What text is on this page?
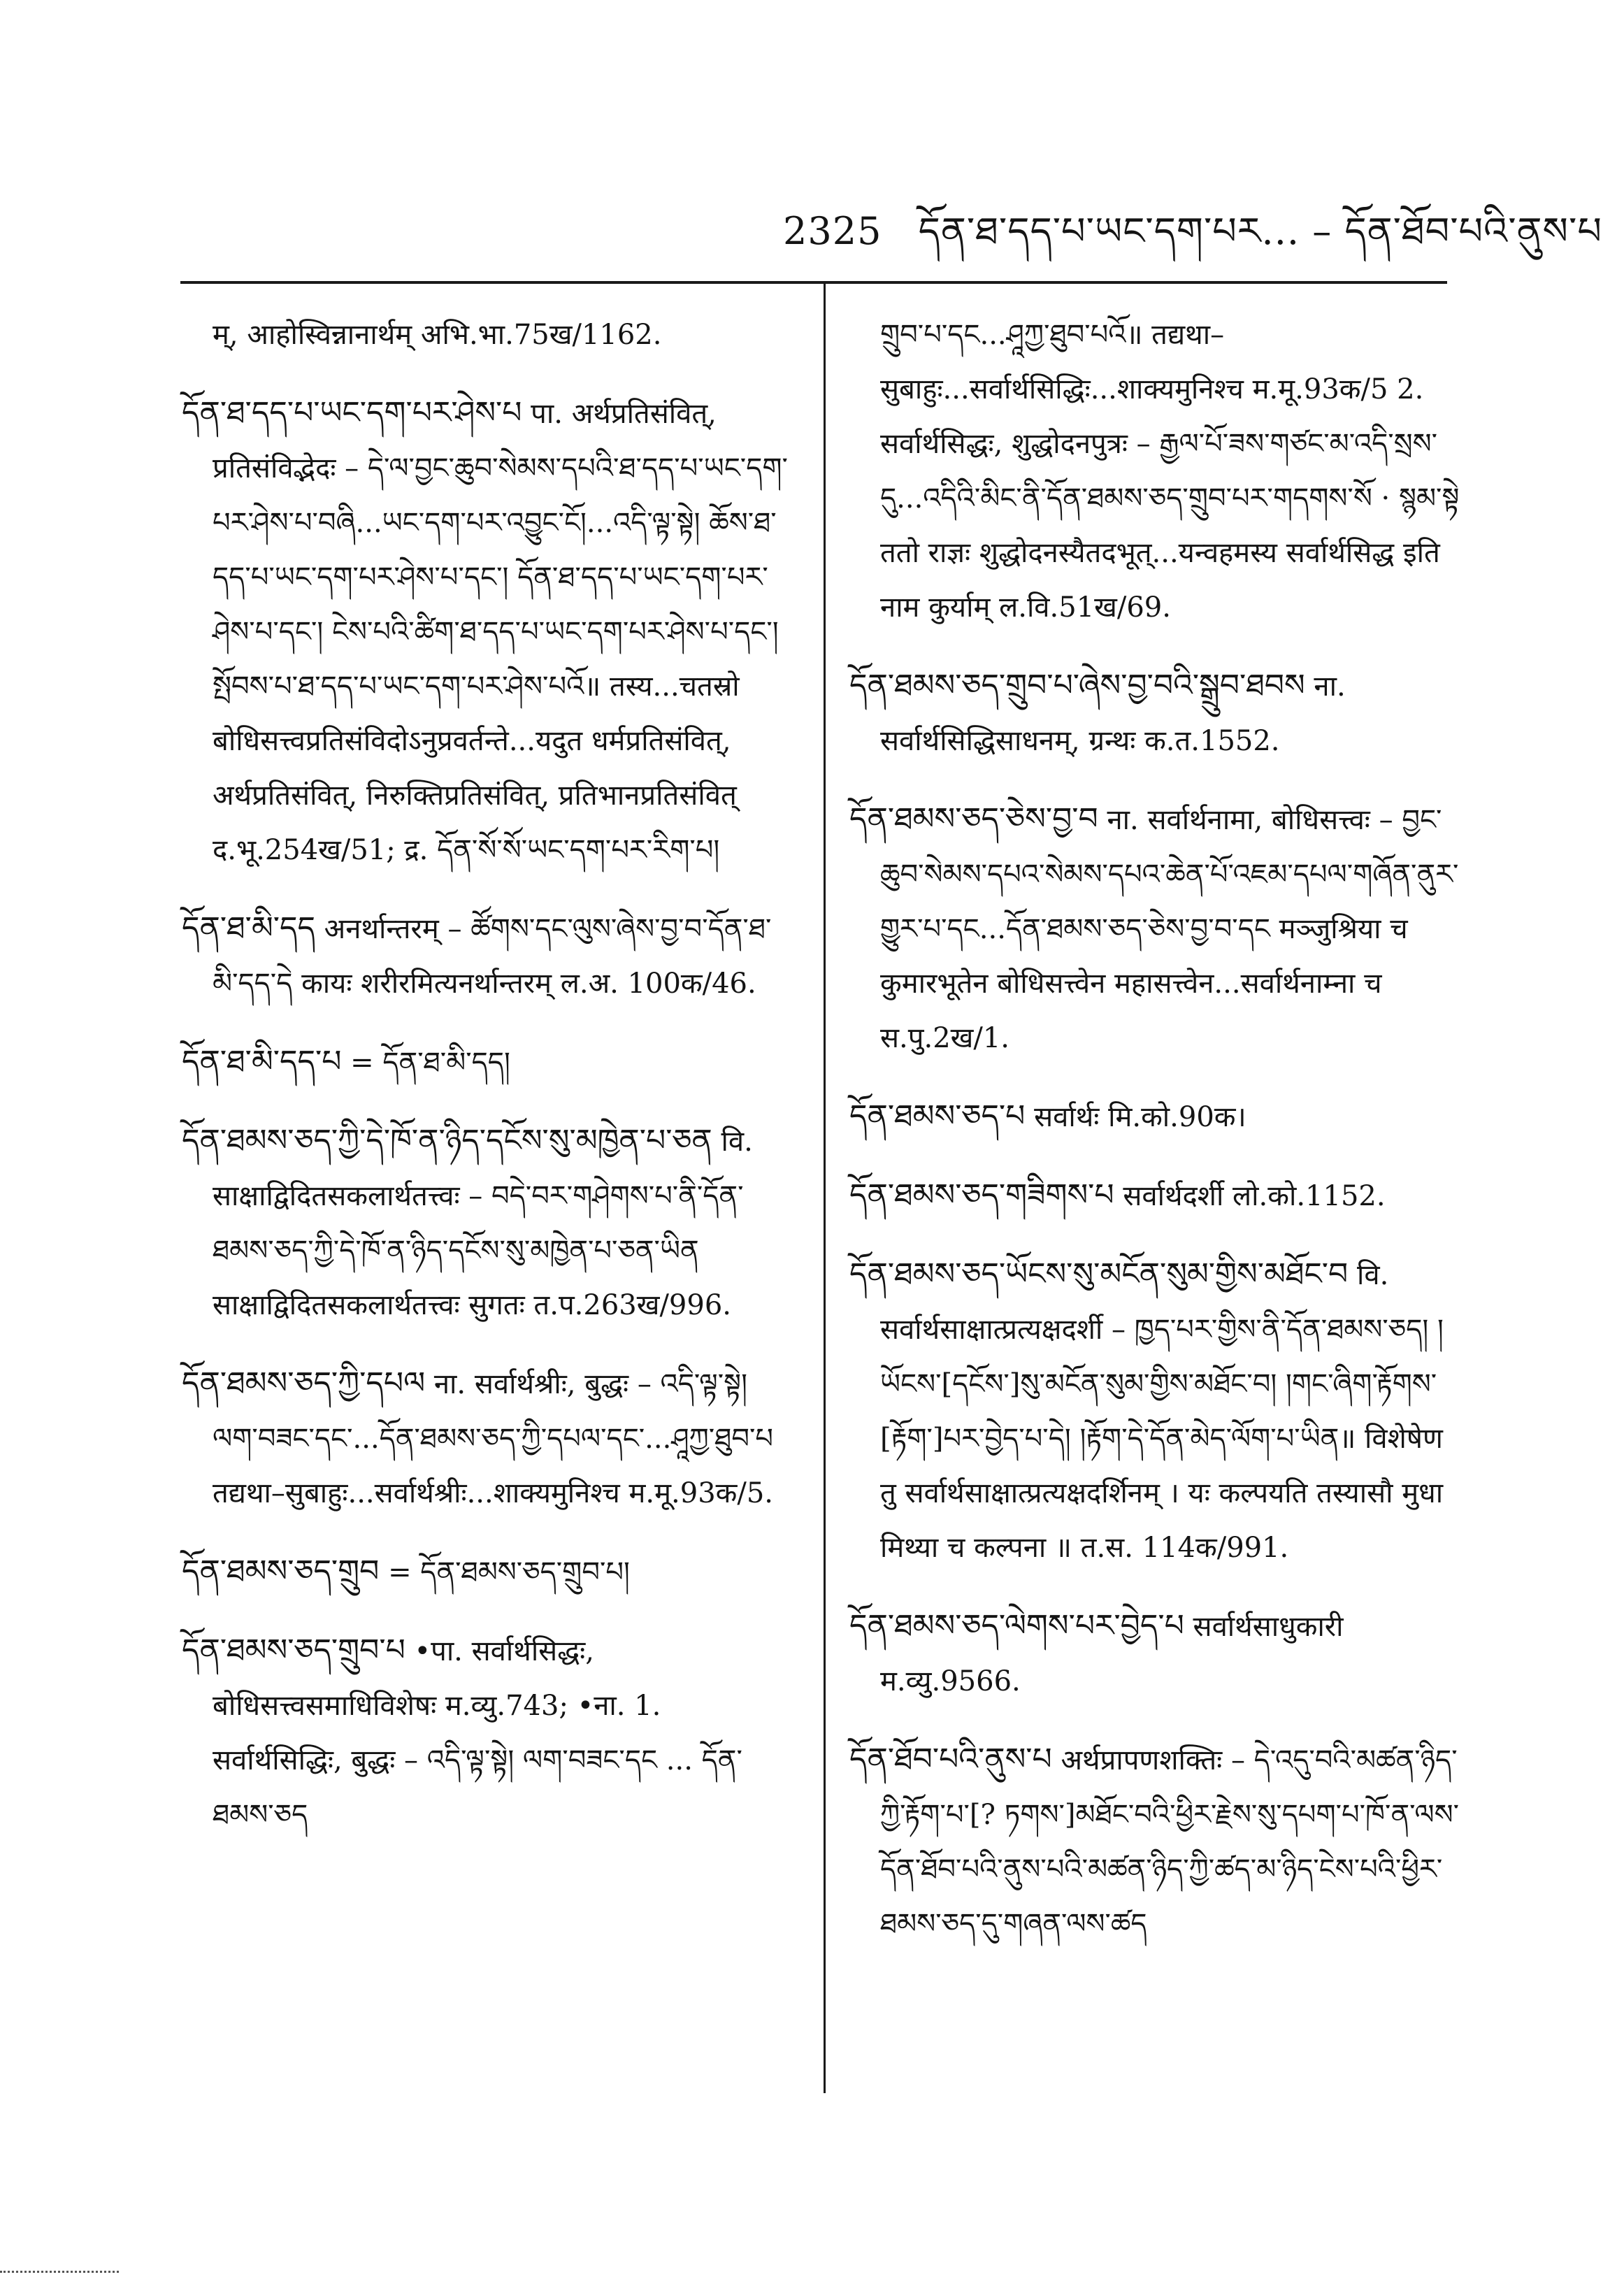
2325 དོན་ཐ་དད་པ་ཡང་དག་པར... – དོན་ཐོབ་པའི་ནུས་པ
म्, आहोस्विन्नानार्थम् अभि.भा.75ख/1162.
དོན་ཐ་དད་པ་ཡང་དག་པར་ཤེས་པ पा. अर्थप्रतिसंवित्, प्रतिसंविद्भेदः – དེ་ལ་བྱང་ཆུབ་སེམས་དཔའི་ཐ་དད་པ་ཡང་དག་པར་ཤེས་པ་བཞི...ཡང་དག་པར་འབྱུང་ངོ།...འདི་ལྟ་སྟེ། ཆོས་ཐ་དད་པ་ཡང་དག་པར་ཤེས་པ་དང་། དོན་ཐ་དད་པ་ཡང་དག་པར་ཤེས་པ་དང་། ངེས་པའི་ཚིག་ཐ་དད་པ་ཡང་དག་པར་ཤེས་པ་དང་། སྤོབས་པ་ཐ་དད་པ་ཡང་དག་པར་ཤེས་པའོ॥ तस्य...चतस्रो बोधिसत्त्वप्रतिसंविदोऽनुप्रवर्तन्ते...यदुत धर्मप्रतिसंवित्, अर्थप्रतिसंवित्, निरुक्तिप्रतिसंवित्, प्रतिभानप्रतिसंवित् द.भू.254ख/51; द्र. དོན་སོ་སོ་ཡང་དག་པར་རིག་པ།
དོན་ཐ་མི་དད अनर्थान्तरम् – ཚོགས་དང་ལུས་ཞེས་བྱ་བ་དོན་ཐ་མི་དད་དེ कायः शरीरमित्यनर्थान्तरम् ल.अ. 100क/46.
དོན་ཐ་མི་དད་པ = དོན་ཐ་མི་དད།
དོན་ཐམས་ཅད་ཀྱི་དེ་ཁོ་ན་ཉིད་དངོས་སུ་མཁྱེན་པ་ཅན वि. साक्षाद्विदितसकलार्थतत्त्वः – བདེ་བར་གཤེགས་པ་ནི་དོན་ཐམས་ཅད་ཀྱི་དེ་ཁོ་ན་ཉིད་དངོས་སུ་མཁྱེན་པ་ཅན་ཡིན साक्षाद्विदितसकलार्थतत्त्वः सुगतः त.प.263ख/996.
དོན་ཐམས་ཅད་ཀྱི་དཔལ ना. सर्वार्थश्रीः, बुद्धः – འདི་ལྟ་སྟེ། ལག་བཟང་དང་...དོན་ཐམས་ཅད་ཀྱི་དཔལ་དང་...ཤཱཀྱ་ཐུབ་པ तद्यथा–सुबाहुः...सर्वार्थश्रीः...शाक्यमुनिश्च म.मू.93क/5.
དོན་ཐམས་ཅད་གྲུབ = དོན་ཐམས་ཅད་གྲུབ་པ།
དོན་ཐམས་ཅད་གྲུབ་པ •पा. सर्वार्थसिद्धः, बोधिसत्त्वसमाधिविशेषः म.व्यु.743; •ना. 1. सर्वार्थसिद्धिः, बुद्धः – འདི་ལྟ་སྟེ། ལག་བཟང་དང ... དོན་ཐམས་ཅད
གྲུབ་པ་དང...ཤཱཀྱ་ཐུབ་པའོ॥ तद्यथा–सुबाहुः...सर्वार्थसिद्धिः...शाक्यमुनिश्च म.मू.93क/5 2. सर्वार्थसिद्धः, शुद्धोदनपुत्रः – རྒྱལ་པོ་ཟས་གཙང་མ་འདི་སྲས་དུ...འདིའི་མིང་ནི་དོན་ཐམས་ཅད་གྲུབ་པར་གདགས་སོ · སྙམ་སྟེ ततो राज्ञः शुद्धोदनस्यैतदभूत्...यन्वहमस्य सर्वार्थसिद्ध इति नाम कुर्याम् ल.वि.51ख/69.
དོན་ཐམས་ཅད་གྲུབ་པ་ཞེས་བྱ་བའི་སྒྲུབ་ཐབས ना. सर्वार्थसिद्धिसाधनम्, ग्रन्थः क.त.1552.
དོན་ཐམས་ཅད་ཅེས་བྱ་བ ना. सर्वार्थनामा, बोधिसत्त्वः – བྱང་ཆུབ་སེམས་དཔའ་སེམས་དཔའ་ཆེན་པོ་འཇམ་དཔལ་གཞོན་ནུར་གྱུར་པ་དང...དོན་ཐམས་ཅད་ཅེས་བྱ་བ་དང मञ्जुश्रिया च कुमारभूतेन बोधिसत्त्वेन महासत्त्वेन...सर्वार्थनाम्ना च स.पु.2ख/1.
དོན་ཐམས་ཅད་པ सर्वार्थः मि.को.90क।
དོན་ཐམས་ཅད་གཟིགས་པ सर्वार्थदर्शी लो.को.1152.
དོན་ཐམས་ཅད་ཡོངས་སུ་མངོན་སུམ་གྱིས་མཐོང་བ वि. सर्वार्थसाक्षात्प्रत्यक्षदर्शी – ཁྱད་པར་གྱིས་ནི་དོན་ཐམས་ཅད། །ཡོངས་[དངོས་]སུ་མངོན་སུམ་གྱིས་མཐོང་བ། །གང་ཞིག་རྟོགས་[རྟོག་]པར་བྱེད་པ་དེ། །རྟོག་དེ་དོན་མེད་ལོག་པ་ཡིན॥ विशेषेण तु सर्वार्थसाक्षात्प्रत्यक्षदर्शिनम् । यः कल्पयति तस्यासौ मुधा मिथ्या च कल्पना ॥ त.स. 114क/991.
དོན་ཐམས་ཅད་ལེགས་པར་བྱེད་པ सर्वार्थसाधुकारी म.व्यु.9566.
དོན་ཐོབ་པའི་ནུས་པ अर्थप्रापणशक्तिः – དེ་འདུ་བའི་མཚན་ཉིད་ཀྱི་རྟོག་པ་[? ཏགས་]མཐོང་བའི་ཕྱིར་རྗེས་སུ་དཔག་པ་ཁོ་ན་ལས་དོན་ཐོབ་པའི་ནུས་པའི་མཚན་ཉིད་ཀྱི་ཚད་མ་ཉིད་ངེས་པའི་ཕྱིར་ཐམས་ཅད་དུ་གཞན་ལས་ཚད
